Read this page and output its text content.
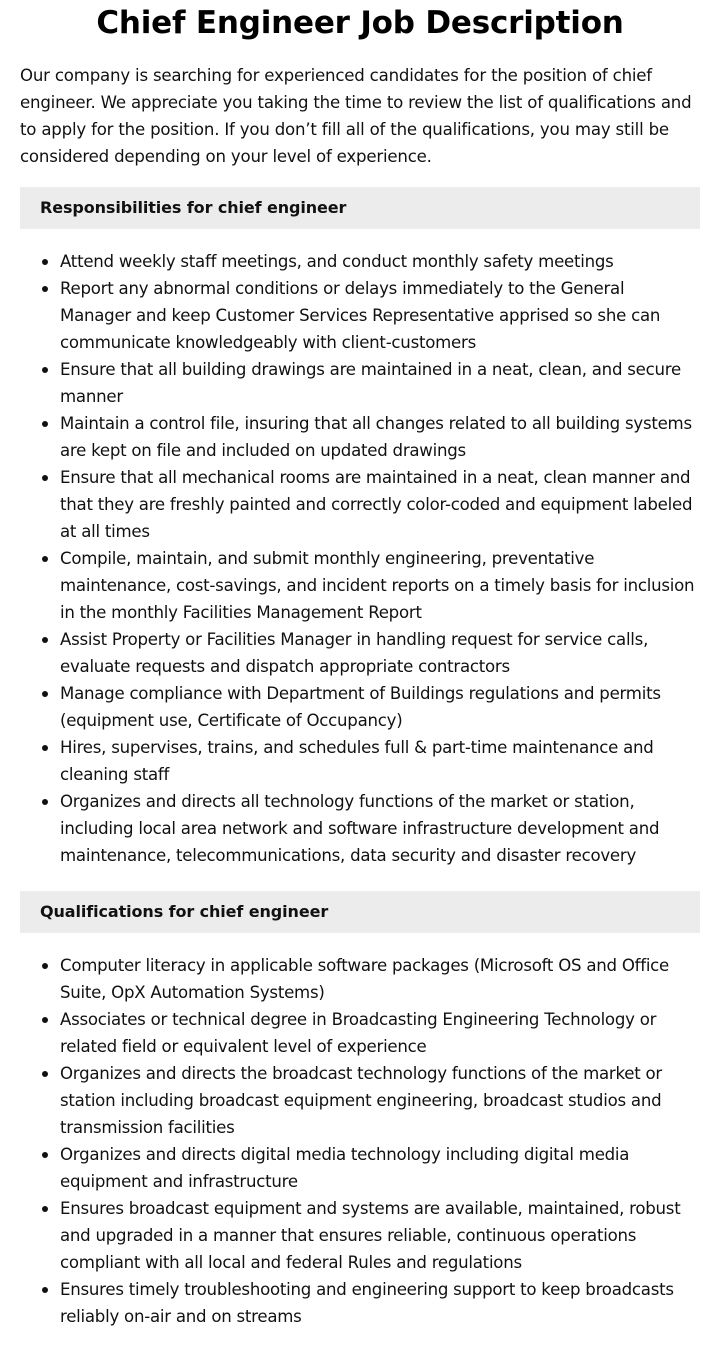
Chief Engineer Job Description

Our company is searching for experienced candidates for the position of chief engineer. We appreciate you taking the time to review the list of qualifications and to apply for the position. If you don’t fill all of the qualifications, you may still be considered depending on your level of experience.

Responsibilities for chief engineer
Attend weekly staff meetings, and conduct monthly safety meetings
Report any abnormal conditions or delays immediately to the General Manager and keep Customer Services Representative apprised so she can communicate knowledgeably with client-customers
Ensure that all building drawings are maintained in a neat, clean, and secure manner
Maintain a control file, insuring that all changes related to all building systems are kept on file and included on updated drawings
Ensure that all mechanical rooms are maintained in a neat, clean manner and that they are freshly painted and correctly color-coded and equipment labeled at all times
Compile, maintain, and submit monthly engineering, preventative maintenance, cost-savings, and incident reports on a timely basis for inclusion in the monthly Facilities Management Report
Assist Property or Facilities Manager in handling request for service calls, evaluate requests and dispatch appropriate contractors
Manage compliance with Department of Buildings regulations and permits (equipment use, Certificate of Occupancy)
Hires, supervises, trains, and schedules full & part-time maintenance and cleaning staff
Organizes and directs all technology functions of the market or station, including local area network and software infrastructure development and maintenance, telecommunications, data security and disaster recovery
Qualifications for chief engineer
Computer literacy in applicable software packages (Microsoft OS and Office Suite, OpX Automation Systems)
Associates or technical degree in Broadcasting Engineering Technology or related field or equivalent level of experience
Organizes and directs the broadcast technology functions of the market or station including broadcast equipment engineering, broadcast studios and transmission facilities
Organizes and directs digital media technology including digital media equipment and infrastructure
Ensures broadcast equipment and systems are available, maintained, robust and upgraded in a manner that ensures reliable, continuous operations compliant with all local and federal Rules and regulations
Ensures timely troubleshooting and engineering support to keep broadcasts reliably on-air and on streams
